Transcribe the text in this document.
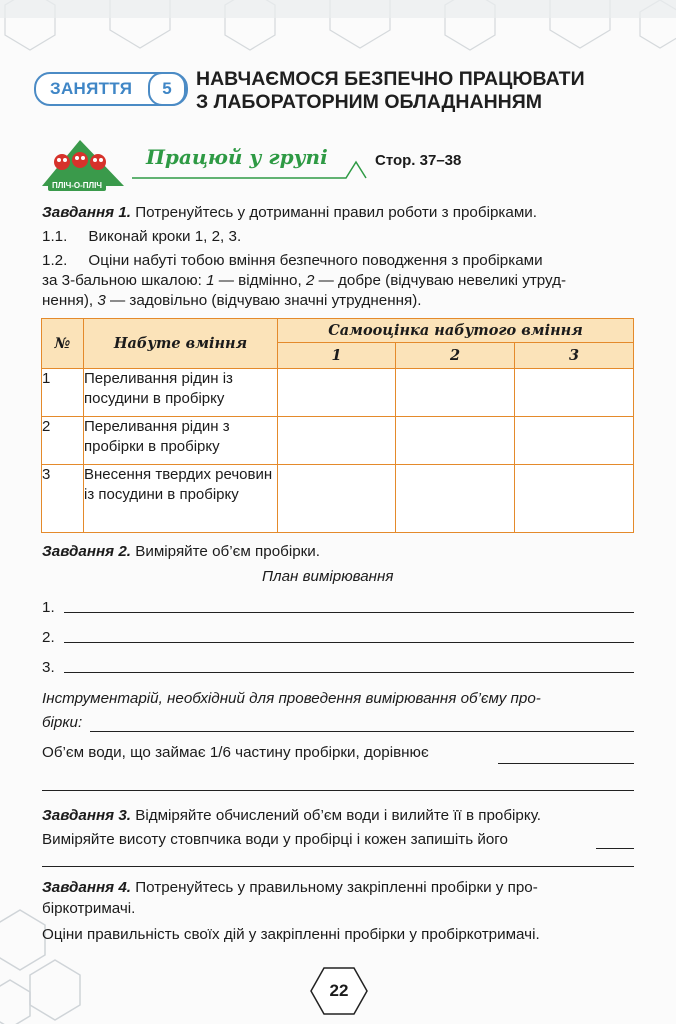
ЗАНЯТТЯ	5	НАВЧАЄМОСЯ БЕЗПЕЧНО ПРАЦЮВАТИ
З ЛАБОРАТОРНИМ ОБЛАДНАННЯМ
ПЛІЧ-О-ПЛІЧ
Працюй у групі	Стор. 37–38
Завдання 1. Потренуйтесь у дотриманні правил роботи з пробірками.
1.1.     Виконай кроки 1, 2, 3.
1.2.     Оціни набуті тобою вміння безпечного поводження з пробірками
за 3-бальною шкалою: 1 — відмінно, 2 — добре (відчуваю невеликі утруд-
нення), 3 — задовільно (відчуваю значні утруднення).
№	Набуте вміння	Самооцінка набутого вміння		
		1	2	3
1	Переливання рідин із посудини в пробірку			
2	Переливання рідин з пробірки в пробірку			
3	Внесення твердих речовин із посудини в пробірку			
Завдання 2. Виміряйте об’єм пробірки.
План вимірювання
1.
2.
3.
Інструментарій, необхідний для проведення вимірювання об’єму про-
бірки:
Об’єм води, що займає 1/6 частину пробірки, дорівнює
Завдання 3. Відміряйте обчислений об’єм води і вилийте її в пробірку.
Виміряйте висоту стовпчика води у пробірці і кожен запишіть його
Завдання 4. Потренуйтесь у правильному закріпленні пробірки у про-
біркотримачі.
Оціни правильність своїх дій у закріпленні пробірки у пробіркотримачі.
22
